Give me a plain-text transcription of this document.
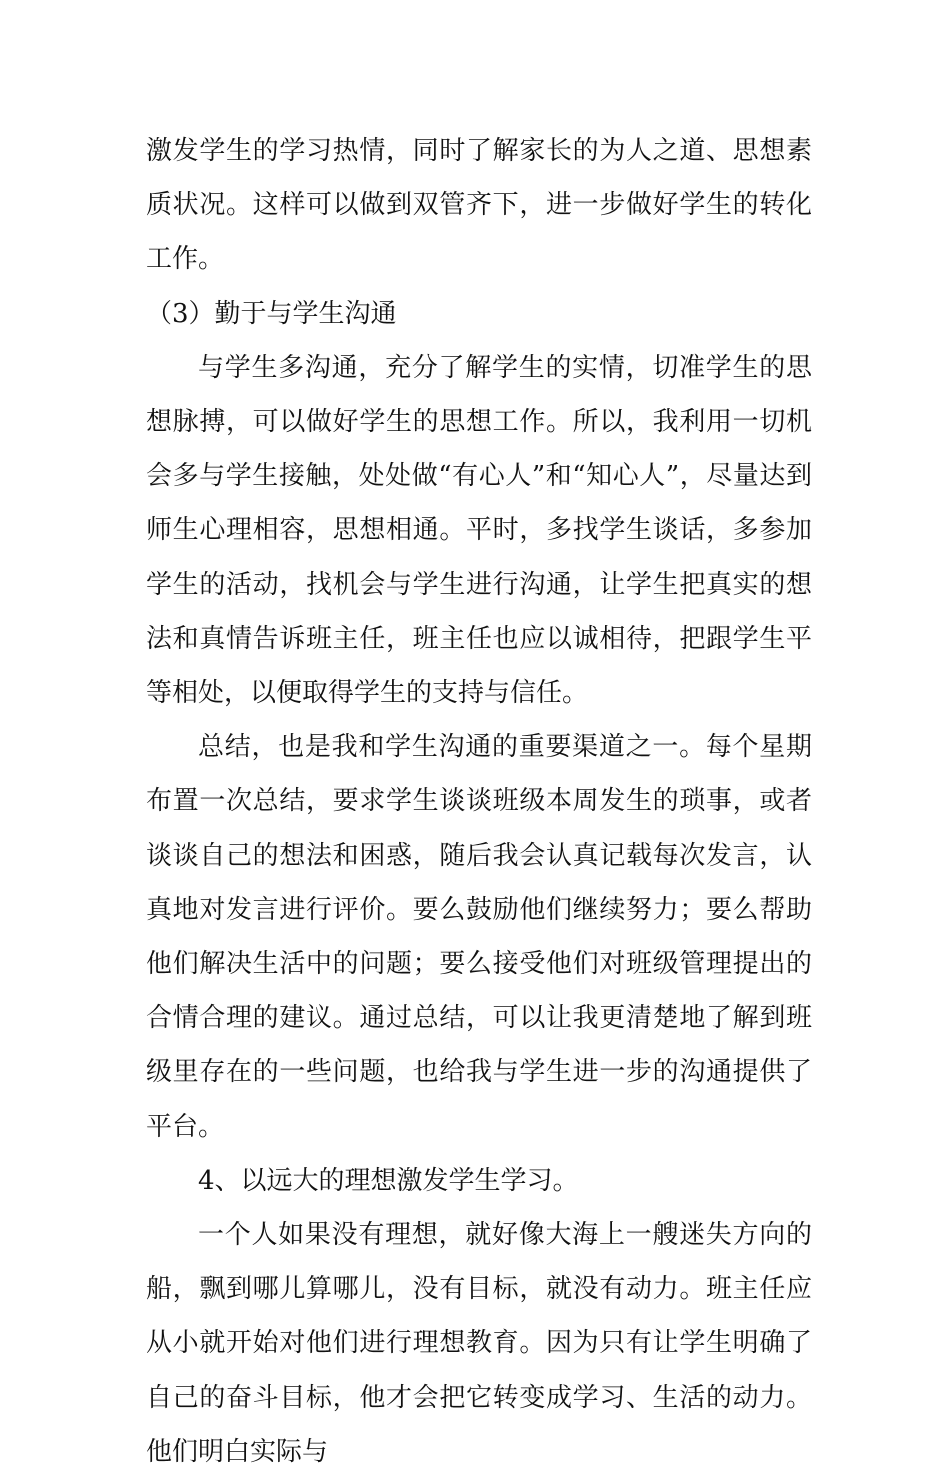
激发学生的学习热情，同时了解家长的为人之道、思想素质状况。这样可以做到双管齐下，进一步做好学生的转化工作。

（3）勤于与学生沟通

与学生多沟通，充分了解学生的实情，切准学生的思想脉搏，可以做好学生的思想工作。所以，我利用一切机会多与学生接触，处处做“有心人”和“知心人”，尽量达到师生心理相容，思想相通。平时，多找学生谈话，多参加学生的活动，找机会与学生进行沟通，让学生把真实的想法和真情告诉班主任，班主任也应以诚相待，把跟学生平等相处，以便取得学生的支持与信任。

总结，也是我和学生沟通的重要渠道之一。每个星期布置一次总结，要求学生谈谈班级本周发生的琐事，或者谈谈自己的想法和困惑，随后我会认真记载每次发言，认真地对发言进行评价。要么鼓励他们继续努力；要么帮助他们解决生活中的问题；要么接受他们对班级管理提出的合情合理的建议。通过总结，可以让我更清楚地了解到班级里存在的一些问题，也给我与学生进一步的沟通提供了平台。

4、以远大的理想激发学生学习。

一个人如果没有理想，就好像大海上一艘迷失方向的船，飘到哪儿算哪儿，没有目标，就没有动力。班主任应从小就开始对他们进行理想教育。因为只有让学生明确了自己的奋斗目标，他才会把它转变成学习、生活的动力。他们明白实际与
